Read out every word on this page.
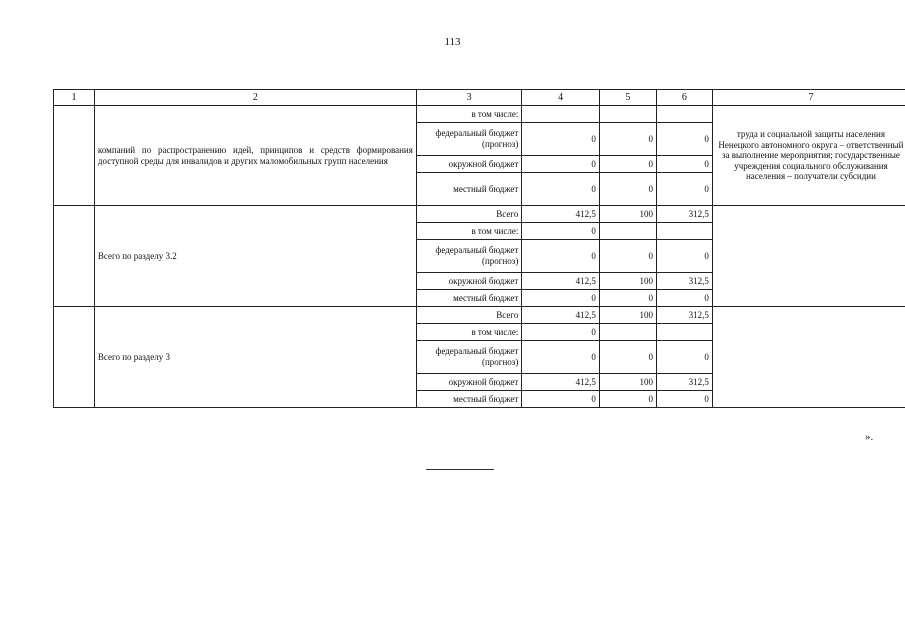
113
1	2	3	4	5	6	7
	компаний по распространению идей, принципов и средств формирования доступной среды для инвалидов и других маломобильных групп населения	в том числе:				труда и социальной защиты населения Ненецкого автономного округа – ответственный за выполнение мероприятия; государственные учреждения социального обслуживания населения – получатели субсидии
		федеральный бюджет (прогноз)	0	0	0	
		окружной бюджет	0	0	0	
		местный бюджет	0	0	0	
	Всего по разделу 3.2	Всего	412,5	100	312,5	
		в том числе:	0			
		федеральный бюджет (прогноз)	0	0	0	
		окружной бюджет	412,5	100	312,5	
		местный бюджет	0	0	0	
	Всего по разделу 3	Всего	412,5	100	312,5	
		в том числе:	0			
		федеральный бюджет (прогноз)	0	0	0	
		окружной бюджет	412,5	100	312,5	
		местный бюджет	0	0	0	
».
